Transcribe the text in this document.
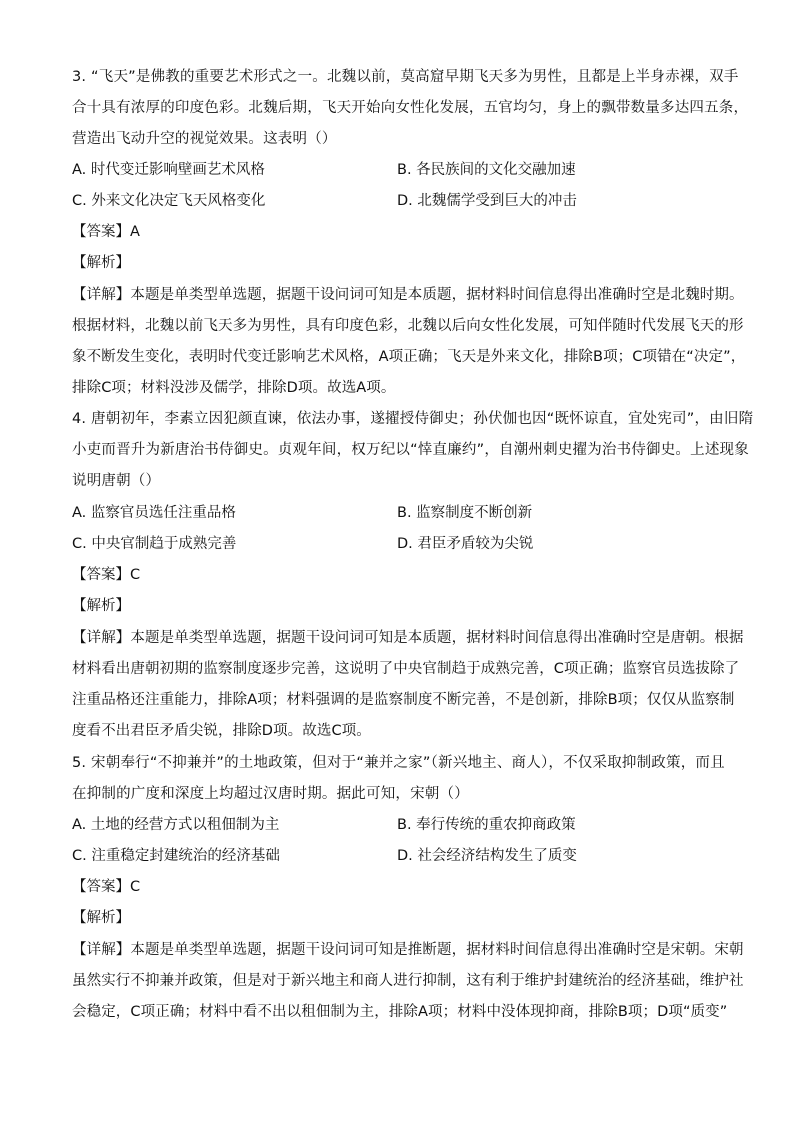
3. “飞天”是佛教的重要艺术形式之一。北魏以前，莫高窟早期飞天多为男性，且都是上半身赤裸，双手
合十具有浓厚的印度色彩。北魏后期，飞天开始向女性化发展，五官均匀，身上的飘带数量多达四五条，
营造出飞动升空的视觉效果。这表明（）
A. 时代变迁影响壁画艺术风格	B. 各民族间的文化交融加速
C. 外来文化决定飞天风格变化	D. 北魏儒学受到巨大的冲击
【答案】A
【解析】
【详解】本题是单类型单选题，据题干设问词可知是本质题，据材料时间信息得出准确时空是北魏时期。
根据材料，北魏以前飞天多为男性，具有印度色彩，北魏以后向女性化发展，可知伴随时代发展飞天的形
象不断发生变化，表明时代变迁影响艺术风格，A项正确；飞天是外来文化，排除B项；C项错在“决定”，
排除C项；材料没涉及儒学，排除D项。故选A项。
4. 唐朝初年，李素立因犯颜直谏，依法办事，遂擢授侍御史；孙伏伽也因“既怀谅直，宜处宪司”，由旧隋
小吏而晋升为新唐治书侍御史。贞观年间，权万纪以“悻直廉约”，自潮州刺史擢为治书侍御史。上述现象
说明唐朝（）
A. 监察官员选任注重品格	B. 监察制度不断创新
C. 中央官制趋于成熟完善	D. 君臣矛盾较为尖锐
【答案】C
【解析】
【详解】本题是单类型单选题，据题干设问词可知是本质题，据材料时间信息得出准确时空是唐朝。根据
材料看出唐朝初期的监察制度逐步完善，这说明了中央官制趋于成熟完善，C项正确；监察官员选拔除了
注重品格还注重能力，排除A项；材料强调的是监察制度不断完善，不是创新，排除B项；仅仅从监察制
度看不出君臣矛盾尖锐，排除D项。故选C项。
5. 宋朝奉行“不抑兼并”的土地政策，但对于“兼并之家”（新兴地主、商人），不仅采取抑制政策，而且
在抑制的广度和深度上均超过汉唐时期。据此可知，宋朝（）
A. 土地的经营方式以租佃制为主	B. 奉行传统的重农抑商政策
C. 注重稳定封建统治的经济基础	D. 社会经济结构发生了质变
【答案】C
【解析】
【详解】本题是单类型单选题，据题干设问词可知是推断题，据材料时间信息得出准确时空是宋朝。宋朝
虽然实行不抑兼并政策，但是对于新兴地主和商人进行抑制，这有利于维护封建统治的经济基础，维护社
会稳定，C项正确；材料中看不出以租佃制为主，排除A项；材料中没体现抑商，排除B项；D项“质变”
